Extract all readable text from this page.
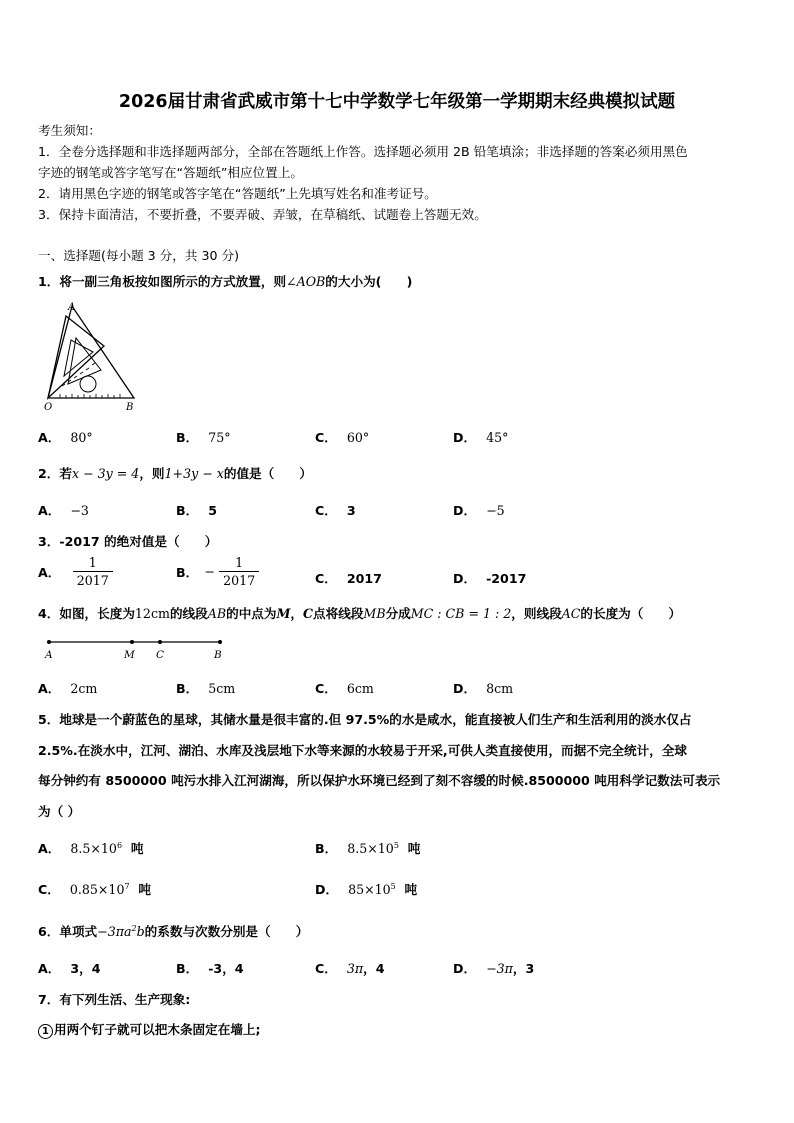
2026届甘肃省武威市第十七中学数学七年级第一学期期末经典模拟试题
考生须知：
1．全卷分选择题和非选择题两部分，全部在答题纸上作答。选择题必须用 2B 铅笔填涂；非选择题的答案必须用黑色
字迹的钢笔或答字笔写在“答题纸”相应位置上。
2．请用黑色字迹的钢笔或答字笔在“答题纸”上先填写姓名和准考证号。
3．保持卡面清洁，不要折叠，不要弄破、弄皱，在草稿纸、试题卷上答题无效。
一、选择题(每小题 3 分，共 30 分)
1．将一副三角板按如图所示的方式放置，则∠AOB的大小为(　　)
A
O	B
A． 80°	B． 75°	C． 60°	D． 45°
2．若x − 3y = 4，则1+3y − x的值是（　　）
A． −3	B． 5	C． 3	D． −5
3．-2017 的绝对值是（　　）
A． $\frac{1}{2017}$	B． − $\frac{1}{2017}$	C． 2017	D． -2017
4．如图，长度为12cm的线段AB的中点为M，C点将线段MB分成MC : CB = 1 : 2，则线段AC的长度为（　　）
A	M C	B
A． 2cm	B． 5cm	C． 6cm	D． 8cm
5．地球是一个蔚蓝色的星球，其储水量是很丰富的.但 97.5%的水是咸水，能直接被人们生产和生活利用的淡水仅占
2.5%.在淡水中，江河、湖泊、水库及浅层地下水等来源的水较易于开采,可供人类直接使用，而据不完全统计，全球
每分钟约有 8500000 吨污水排入江河湖海，所以保护水环境已经到了刻不容缓的时候.8500000 吨用科学记数法可表示
为（ ）
A． $8.5\times 10^6$ 吨	B． $8.5\times 10^5$ 吨
C． $0.85\times 10^7$ 吨	D． $85\times 10^5$ 吨
6．单项式$-3\pi a^2b$的系数与次数分别是（　　）
A． 3，4	B． -3，4	C． 3π，4	D． −3π，3
7．有下列生活、生产现象:
1 用两个钉子就可以把木条固定在墙上;
